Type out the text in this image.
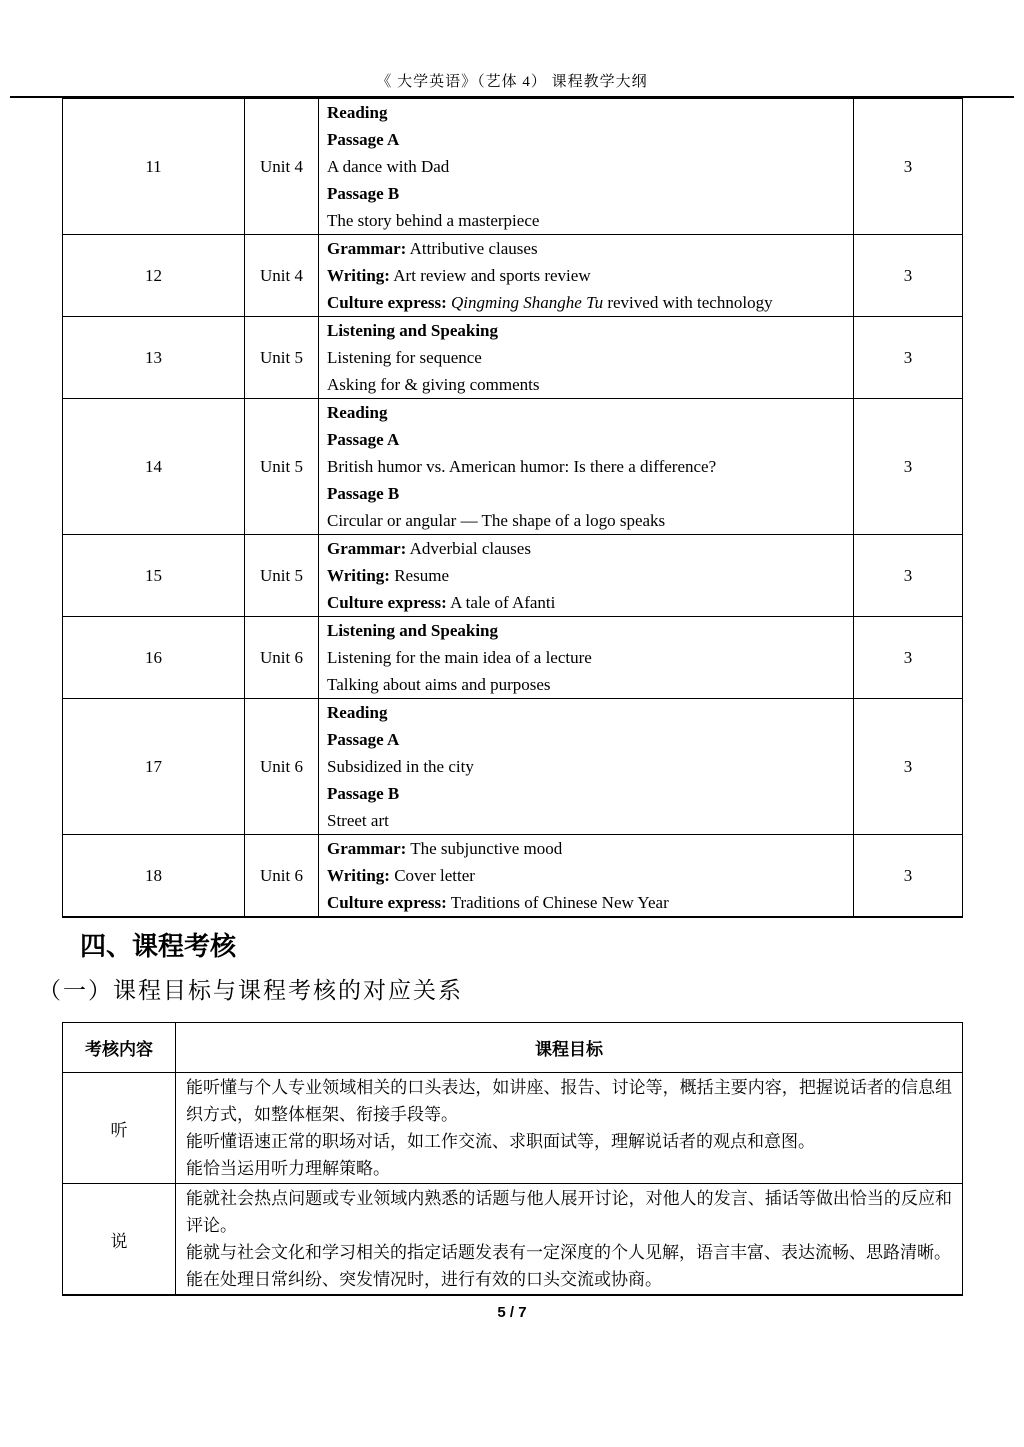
《 大学英语》（艺体 4） 课程教学大纲
11	Unit 4	Reading
Passage A
A dance with Dad
Passage B
The story behind a masterpiece	3
12	Unit 4	Grammar: Attributive clauses
Writing: Art review and sports review
Culture express: Qingming Shanghe Tu revived with technology	3
13	Unit 5	Listening and Speaking
Listening for sequence
Asking for & giving comments	3
14	Unit 5	Reading
Passage A
British humor vs. American humor: Is there a difference?
Passage B
Circular or angular — The shape of a logo speaks	3
15	Unit 5	Grammar: Adverbial clauses
Writing: Resume
Culture express: A tale of Afanti	3
16	Unit 6	Listening and Speaking
Listening for the main idea of a lecture
Talking about aims and purposes	3
17	Unit 6	Reading
Passage A
Subsidized in the city
Passage B
Street art	3
18	Unit 6	Grammar: The subjunctive mood
Writing: Cover letter
Culture express: Traditions of Chinese New Year	3
四、课程考核
（一）课程目标与课程考核的对应关系
考核内容	课程目标
听	能听懂与个人专业领域相关的口头表达，如讲座、报告、讨论等，概括主要内容，把握说话者的信息组织方式，如整体框架、衔接手段等。

能听懂语速正常的职场对话，如工作交流、求职面试等，理解说话者的观点和意图。

能恰当运用听力理解策略。

说	能就社会热点问题或专业领域内熟悉的话题与他人展开讨论，对他人的发言、插话等做出恰当的反应和评论。

能就与社会文化和学习相关的指定话题发表有一定深度的个人见解，语言丰富、表达流畅、思路清晰。

能在处理日常纠纷、突发情况时，进行有效的口头交流或协商。

5 / 7
